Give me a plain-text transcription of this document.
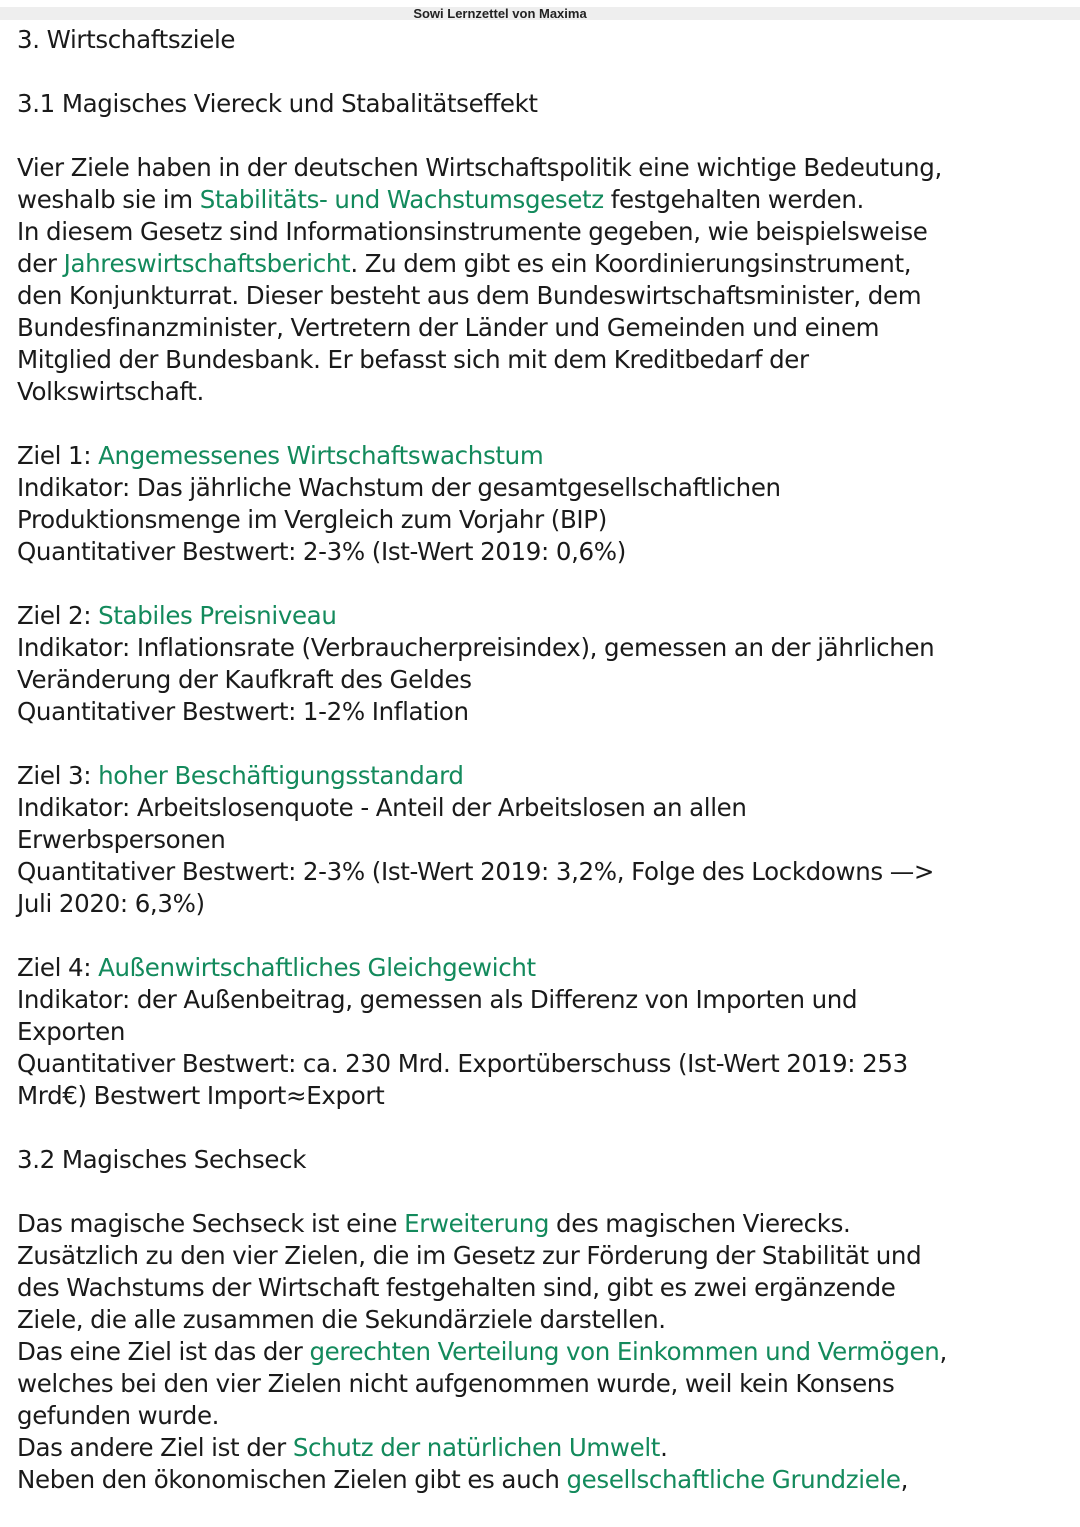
Sowi Lernzettel von Maxima

3. Wirtschaftsziele

3.1 Magisches Viereck und Stabalitätseffekt

Vier Ziele haben in der deutschen Wirtschaftspolitik eine wichtige Bedeutung,
weshalb sie im Stabilitäts- und Wachstumsgesetz festgehalten werden.
In diesem Gesetz sind Informationsinstrumente gegeben, wie beispielsweise
der Jahreswirtschaftsbericht. Zu dem gibt es ein Koordinierungsinstrument,
den Konjunkturrat. Dieser besteht aus dem Bundeswirtschaftsminister, dem
Bundesfinanzminister, Vertretern der Länder und Gemeinden und einem
Mitglied der Bundesbank. Er befasst sich mit dem Kreditbedarf der
Volkswirtschaft.

Ziel 1: Angemessenes Wirtschaftswachstum
Indikator: Das jährliche Wachstum der gesamtgesellschaftlichen
Produktionsmenge im Vergleich zum Vorjahr (BIP)
Quantitativer Bestwert: 2-3% (Ist-Wert 2019: 0,6%)

Ziel 2: Stabiles Preisniveau
Indikator: Inflationsrate (Verbraucherpreisindex), gemessen an der jährlichen
Veränderung der Kaufkraft des Geldes
Quantitativer Bestwert: 1-2% Inflation

Ziel 3: hoher Beschäftigungsstandard
Indikator: Arbeitslosenquote - Anteil der Arbeitslosen an allen
Erwerbspersonen
Quantitativer Bestwert: 2-3% (Ist-Wert 2019: 3,2%, Folge des Lockdowns —>
Juli 2020: 6,3%)

Ziel 4: Außenwirtschaftliches Gleichgewicht
Indikator: der Außenbeitrag, gemessen als Differenz von Importen und
Exporten
Quantitativer Bestwert: ca. 230 Mrd. Exportüberschuss (Ist-Wert 2019: 253
Mrd€) Bestwert Import≈Export

3.2 Magisches Sechseck

Das magische Sechseck ist eine Erweiterung des magischen Vierecks.
Zusätzlich zu den vier Zielen, die im Gesetz zur Förderung der Stabilität und
des Wachstums der Wirtschaft festgehalten sind, gibt es zwei ergänzende
Ziele, die alle zusammen die Sekundärziele darstellen.
Das eine Ziel ist das der gerechten Verteilung von Einkommen und Vermögen,
welches bei den vier Zielen nicht aufgenommen wurde, weil kein Konsens
gefunden wurde.
Das andere Ziel ist der Schutz der natürlichen Umwelt.
Neben den ökonomischen Zielen gibt es auch gesellschaftliche Grundziele,
